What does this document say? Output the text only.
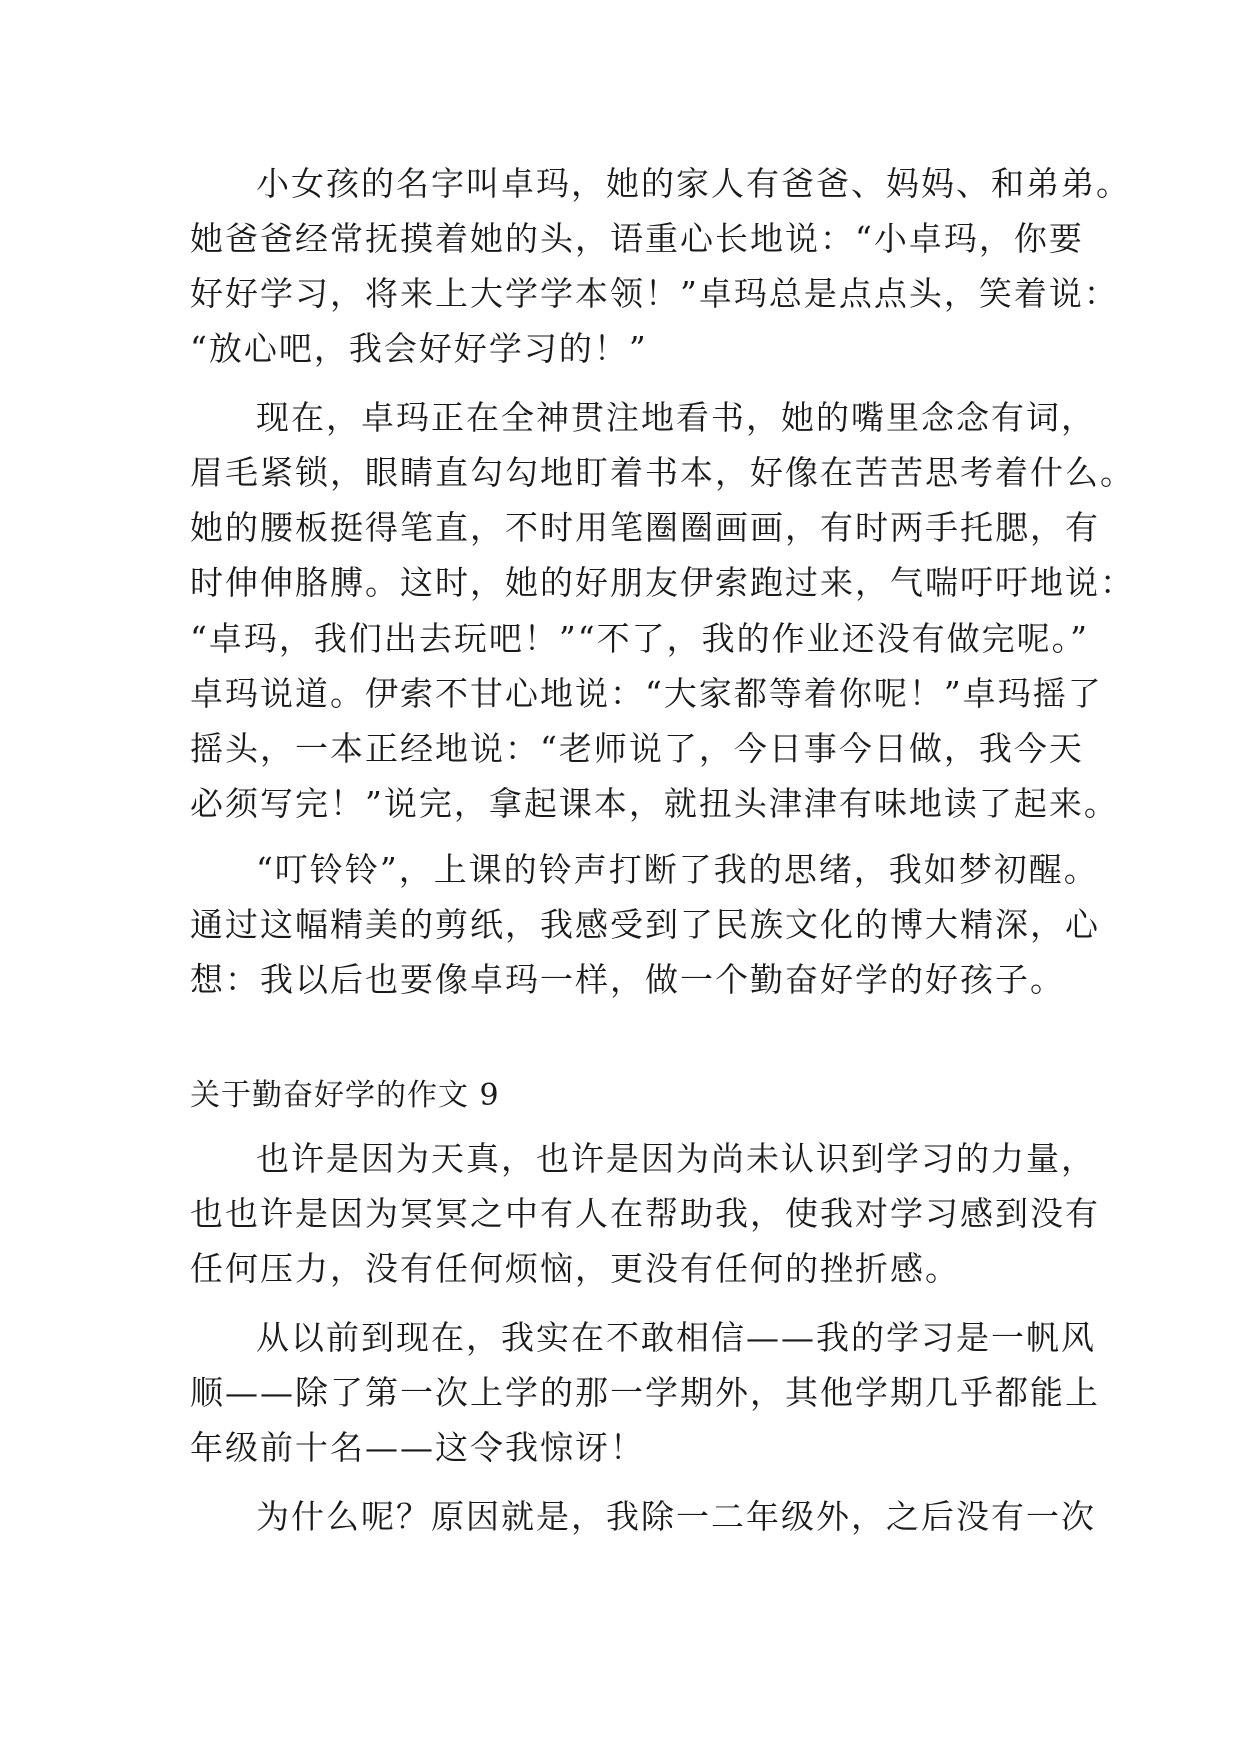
小女孩的名字叫卓玛，她的家人有爸爸、妈妈、和弟弟。
她爸爸经常抚摸着她的头，语重心长地说：“小卓玛，你要
好好学习，将来上大学学本领！”卓玛总是点点头，笑着说：
“放心吧，我会好好学习的！”
现在，卓玛正在全神贯注地看书，她的嘴里念念有词，
眉毛紧锁，眼睛直勾勾地盯着书本，好像在苦苦思考着什么。
她的腰板挺得笔直，不时用笔圈圈画画，有时两手托腮，有
时伸伸胳膊。这时，她的好朋友伊索跑过来，气喘吁吁地说：
“卓玛，我们出去玩吧！”“不了，我的作业还没有做完呢。”
卓玛说道。伊索不甘心地说：“大家都等着你呢！”卓玛摇了
摇头，一本正经地说：“老师说了，今日事今日做，我今天
必须写完！”说完，拿起课本，就扭头津津有味地读了起来。
“叮铃铃”，上课的铃声打断了我的思绪，我如梦初醒。
通过这幅精美的剪纸，我感受到了民族文化的博大精深，心
想：我以后也要像卓玛一样，做一个勤奋好学的好孩子。
关于勤奋好学的作文 9
也许是因为天真，也许是因为尚未认识到学习的力量，
也也许是因为冥冥之中有人在帮助我，使我对学习感到没有
任何压力，没有任何烦恼，更没有任何的挫折感。
从以前到现在，我实在不敢相信——我的学习是一帆风
顺——除了第一次上学的那一学期外，其他学期几乎都能上
年级前十名——这令我惊讶！
为什么呢？原因就是，我除一二年级外，之后没有一次
